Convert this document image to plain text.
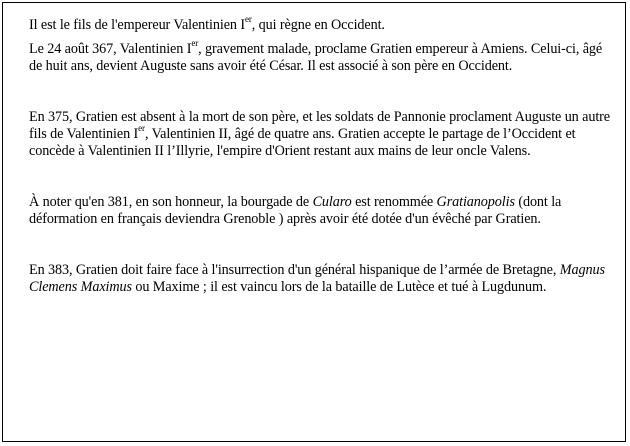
Il est le fils de l'empereur Valentinien Ier, qui règne en Occident.

Le 24 août 367, Valentinien Ier, gravement malade, proclame Gratien empereur à Amiens. Celui-ci, âgé de huit ans, devient Auguste sans avoir été César. Il est associé à son père en Occident.

En 375, Gratien est absent à la mort de son père, et les soldats de Pannonie proclament Auguste un autre fils de Valentinien Ier, Valentinien II, âgé de quatre ans. Gratien accepte le partage de l’Occident et concède à Valentinien II l’Illyrie, l'empire d'Orient restant aux mains de leur oncle Valens.

À noter qu'en 381, en son honneur, la bourgade de Cularo est renommée Gratianopolis (dont la déformation en français deviendra Grenoble ) après avoir été dotée d'un évêché par Gratien.

En 383, Gratien doit faire face à l'insurrection d'un général hispanique de l’armée de Bretagne, Magnus Clemens Maximus ou Maxime ; il est vaincu lors de la bataille de Lutèce et tué à Lugdunum.
